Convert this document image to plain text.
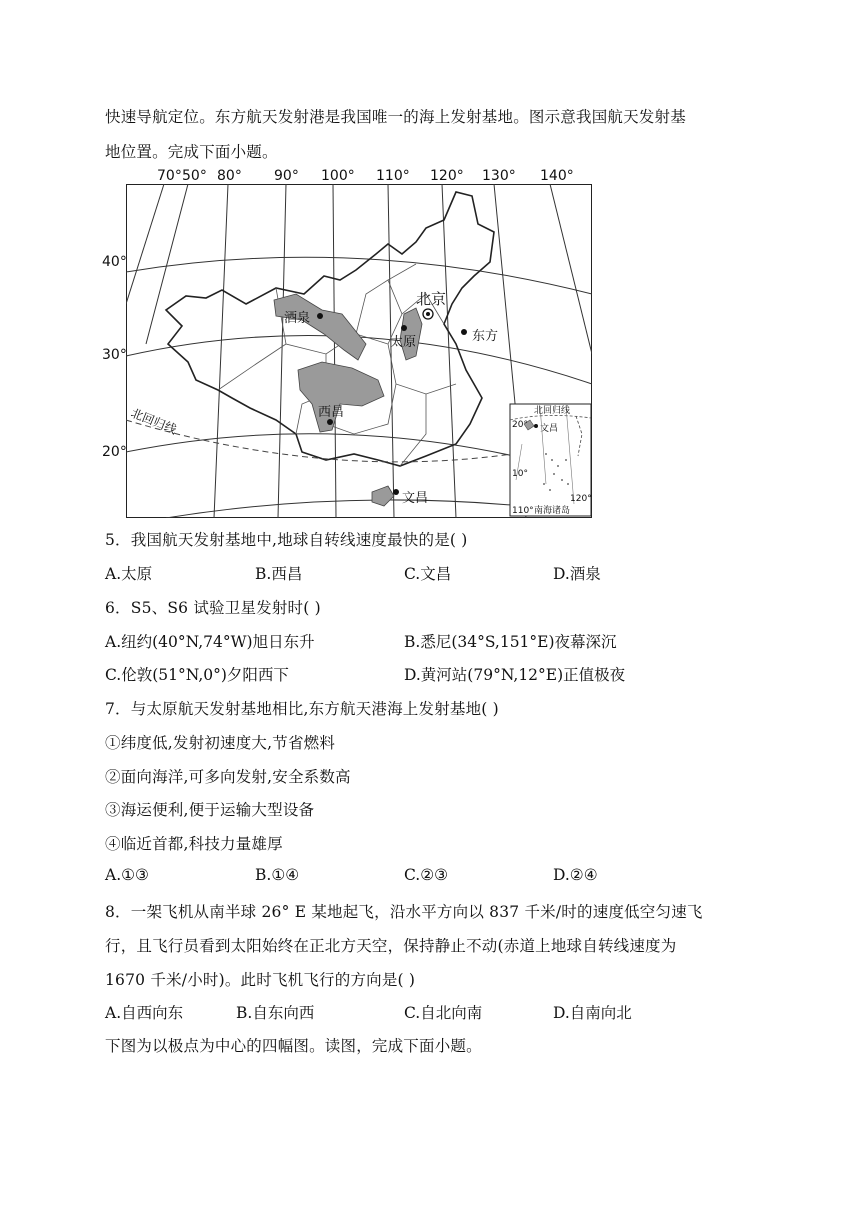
快速导航定位。东方航天发射港是我国唯一的海上发射基地。图示意我国航天发射基
地位置。完成下面小题。
70° 50° 80° 90° 100° 110° 120° 130° 140°
40°
30°
20°
北回归线
酒泉
北京
太原	东方
西昌
文昌
北回归线
20° 文昌
10°
120°
110° 南海诸岛
5．我国航天发射基地中,地球自转线速度最快的是( )
A.太原	B.西昌	C.文昌	D.酒泉
6．S5、S6 试验卫星发射时( )
A.纽约(40°N,74°W)旭日东升	B.悉尼(34°S,151°E)夜幕深沉
C.伦敦(51°N,0°)夕阳西下	D.黄河站(79°N,12°E)正值极夜
7．与太原航天发射基地相比,东方航天港海上发射基地( )
①纬度低,发射初速度大,节省燃料
②面向海洋,可多向发射,安全系数高
③海运便利,便于运输大型设备
④临近首都,科技力量雄厚
A.①③	B.①④	C.②③	D.②④
8．一架飞机从南半球 26° E 某地起飞，沿水平方向以 837 千米/时的速度低空匀速飞
行，且飞行员看到太阳始终在正北方天空，保持静止不动(赤道上地球自转线速度为
1670 千米/小时)。此时飞机飞行的方向是( )
A.自西向东	B.自东向西	C.自北向南	D.自南向北
下图为以极点为中心的四幅图。读图，完成下面小题。
